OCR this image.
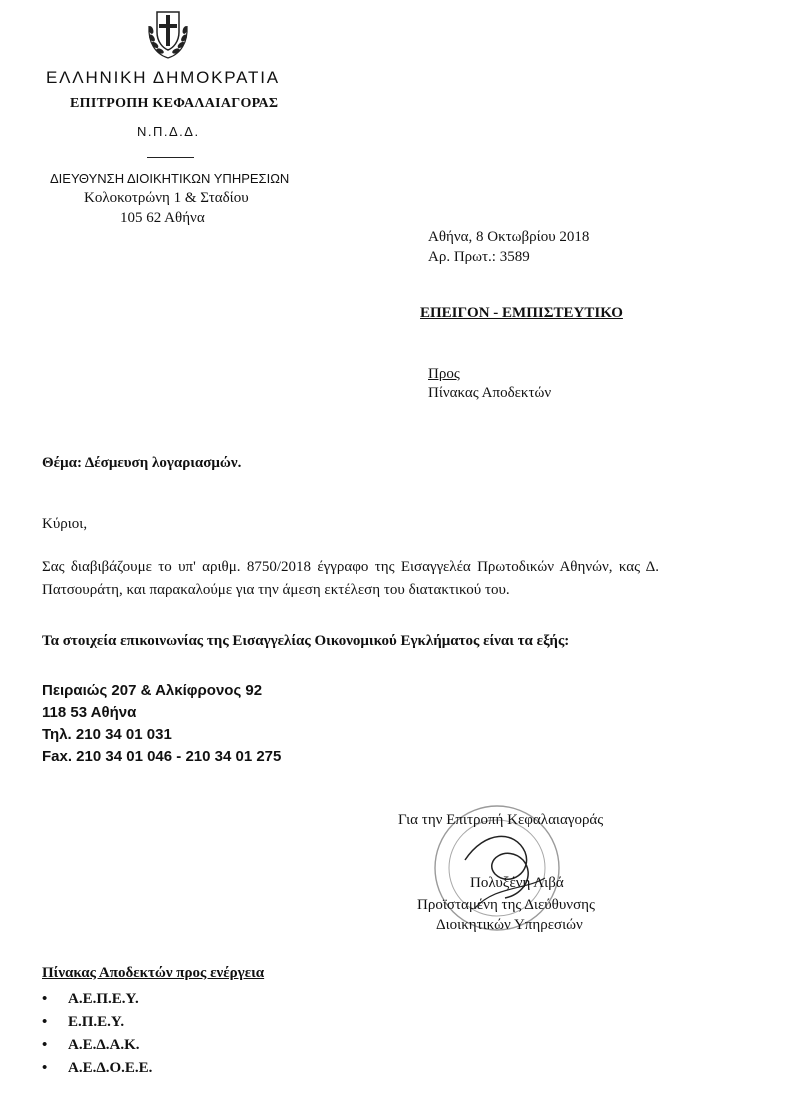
ΕΛΛΗΝΙΚΗ ΔΗΜΟΚΡΑΤΙΑ
ΕΠΙΤΡΟΠΗ ΚΕΦΑΛΑΙΑΓΟΡΑΣ
Ν.Π.Δ.Δ.
ΔΙΕΥΘΥΝΣΗ ΔΙΟΙΚΗΤΙΚΩΝ ΥΠΗΡΕΣΙΩΝ
Κολοκοτρώνη 1 & Σταδίου
105 62 Αθήνα
Αθήνα, 8 Οκτωβρίου 2018
Αρ. Πρωτ.: 3589
ΕΠΕΙΓΟΝ - ΕΜΠΙΣΤΕΥΤΙΚΟ
Προς
Πίνακας Αποδεκτών
Θέμα: Δέσμευση λογαριασμών.
Κύριοι,
Σας διαβιβάζουμε το υπ' αριθμ. 8750/2018 έγγραφο της Εισαγγελέα Πρωτοδικών Αθηνών, κας Δ. Πατσουράτη, και παρακαλούμε για την άμεση εκτέλεση του διατακτικού του.
Τα στοιχεία επικοινωνίας της Εισαγγελίας Οικονομικού Εγκλήματος είναι τα εξής:
Πειραιώς 207 & Αλκίφρονος 92
118 53 Αθήνα
Τηλ. 210 34 01 031
Fax. 210 34 01 046 - 210 34 01 275
Για την Επιτροπή Κεφαλαιαγοράς
Πολυξένη Λιβά
Προϊσταμένη της Διεύθυνσης
Διοικητικών Υπηρεσιών
Πίνακας Αποδεκτών προς ενέργεια
• Α.Ε.Π.Ε.Υ.
• Ε.Π.Ε.Υ.
• Α.Ε.Δ.Α.Κ.
• Α.Ε.Δ.Ο.Ε.Ε.
